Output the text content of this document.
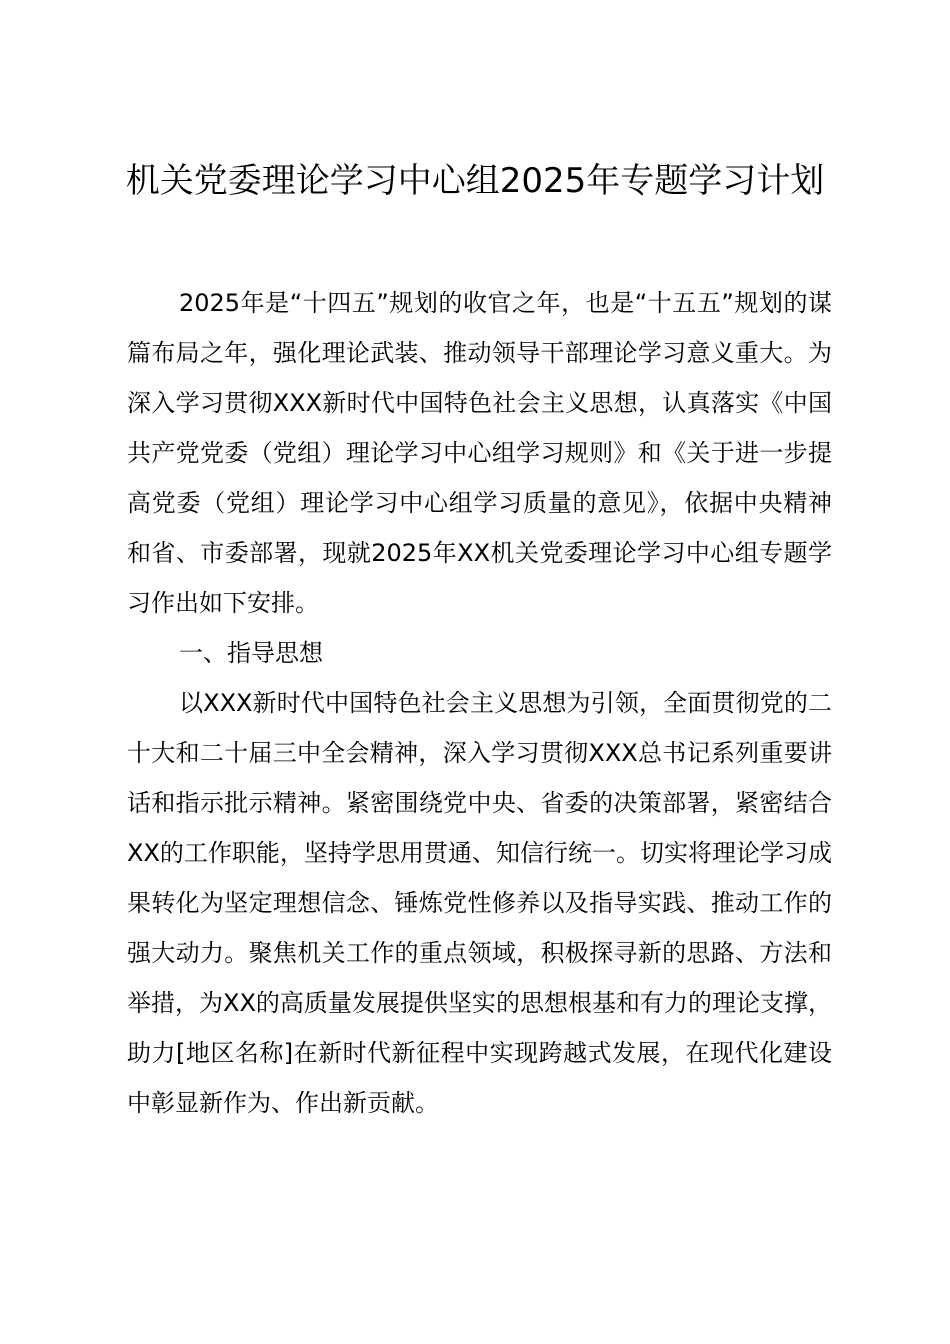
机关党委理论学习中心组2025年专题学习计划

2025年是“十四五”规划的收官之年，也是“十五五”规划的谋篇布局之年，强化理论武装、推动领导干部理论学习意义重大。为深入学习贯彻XXX新时代中国特色社会主义思想，认真落实《中国共产党党委（党组）理论学习中心组学习规则》和《关于进一步提高党委（党组）理论学习中心组学习质量的意见》，依据中央精神和省、市委部署，现就2025年XX机关党委理论学习中心组专题学习作出如下安排。

一、指导思想

以XXX新时代中国特色社会主义思想为引领，全面贯彻党的二十大和二十届三中全会精神，深入学习贯彻XXX总书记系列重要讲话和指示批示精神。紧密围绕党中央、省委的决策部署，紧密结合XX的工作职能，坚持学思用贯通、知信行统一。切实将理论学习成果转化为坚定理想信念、锤炼党性修养以及指导实践、推动工作的强大动力。聚焦机关工作的重点领域，积极探寻新的思路、方法和举措，为XX的高质量发展提供坚实的思想根基和有力的理论支撑，助力[地区名称]在新时代新征程中实现跨越式发展，在现代化建设中彰显新作为、作出新贡献。
